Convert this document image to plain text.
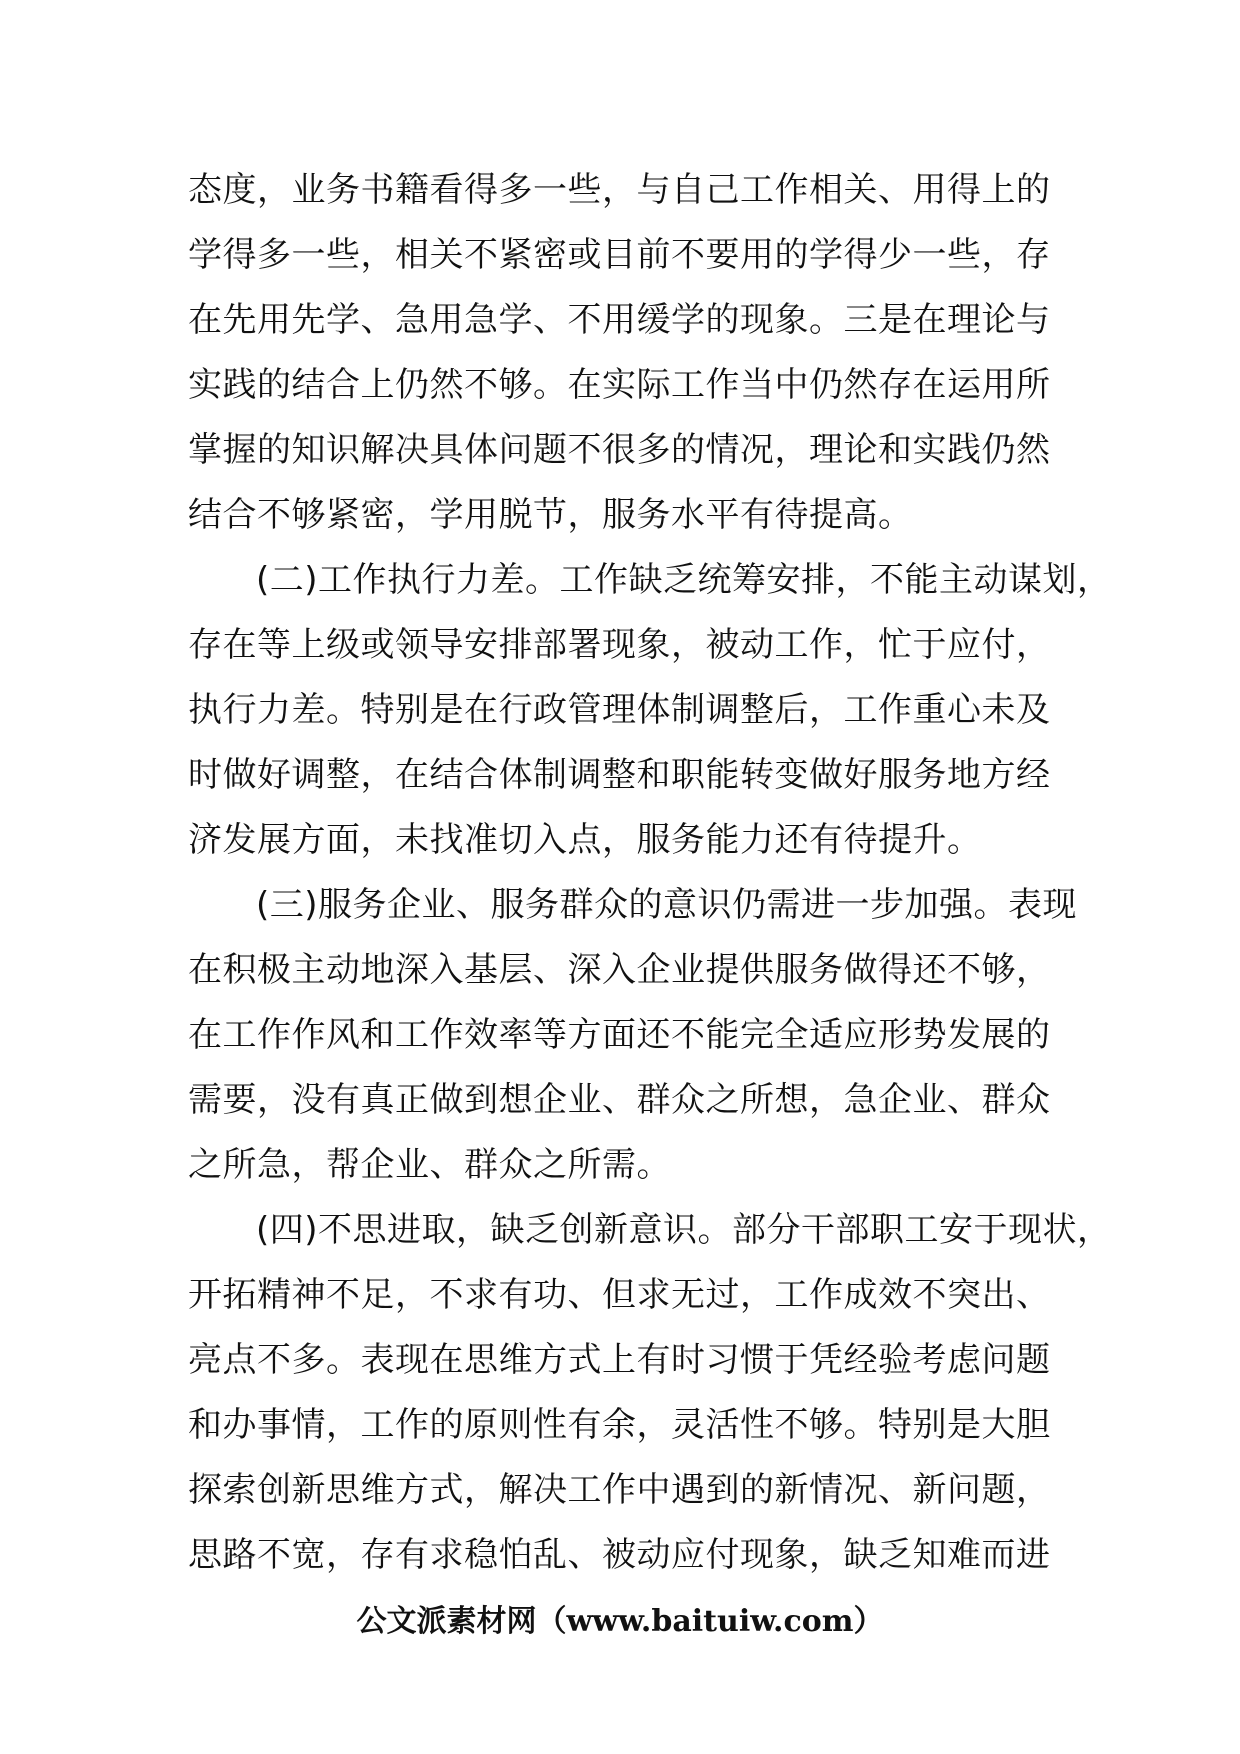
态度，业务书籍看得多一些，与自己工作相关、用得上的
学得多一些，相关不紧密或目前不要用的学得少一些，存
在先用先学、急用急学、不用缓学的现象。三是在理论与
实践的结合上仍然不够。在实际工作当中仍然存在运用所
掌握的知识解决具体问题不很多的情况，理论和实践仍然
结合不够紧密，学用脱节，服务水平有待提高。
(二)工作执行力差。工作缺乏统筹安排，不能主动谋划，
存在等上级或领导安排部署现象，被动工作，忙于应付，
执行力差。特别是在行政管理体制调整后，工作重心未及
时做好调整，在结合体制调整和职能转变做好服务地方经
济发展方面，未找准切入点，服务能力还有待提升。
(三)服务企业、服务群众的意识仍需进一步加强。表现
在积极主动地深入基层、深入企业提供服务做得还不够，
在工作作风和工作效率等方面还不能完全适应形势发展的
需要，没有真正做到想企业、群众之所想，急企业、群众
之所急，帮企业、群众之所需。
(四)不思进取，缺乏创新意识。部分干部职工安于现状，
开拓精神不足，不求有功、但求无过，工作成效不突出、
亮点不多。表现在思维方式上有时习惯于凭经验考虑问题
和办事情，工作的原则性有余，灵活性不够。特别是大胆
探索创新思维方式，解决工作中遇到的新情况、新问题，
思路不宽，存有求稳怕乱、被动应付现象，缺乏知难而进
公文派素材网（www.baituiw.com）
